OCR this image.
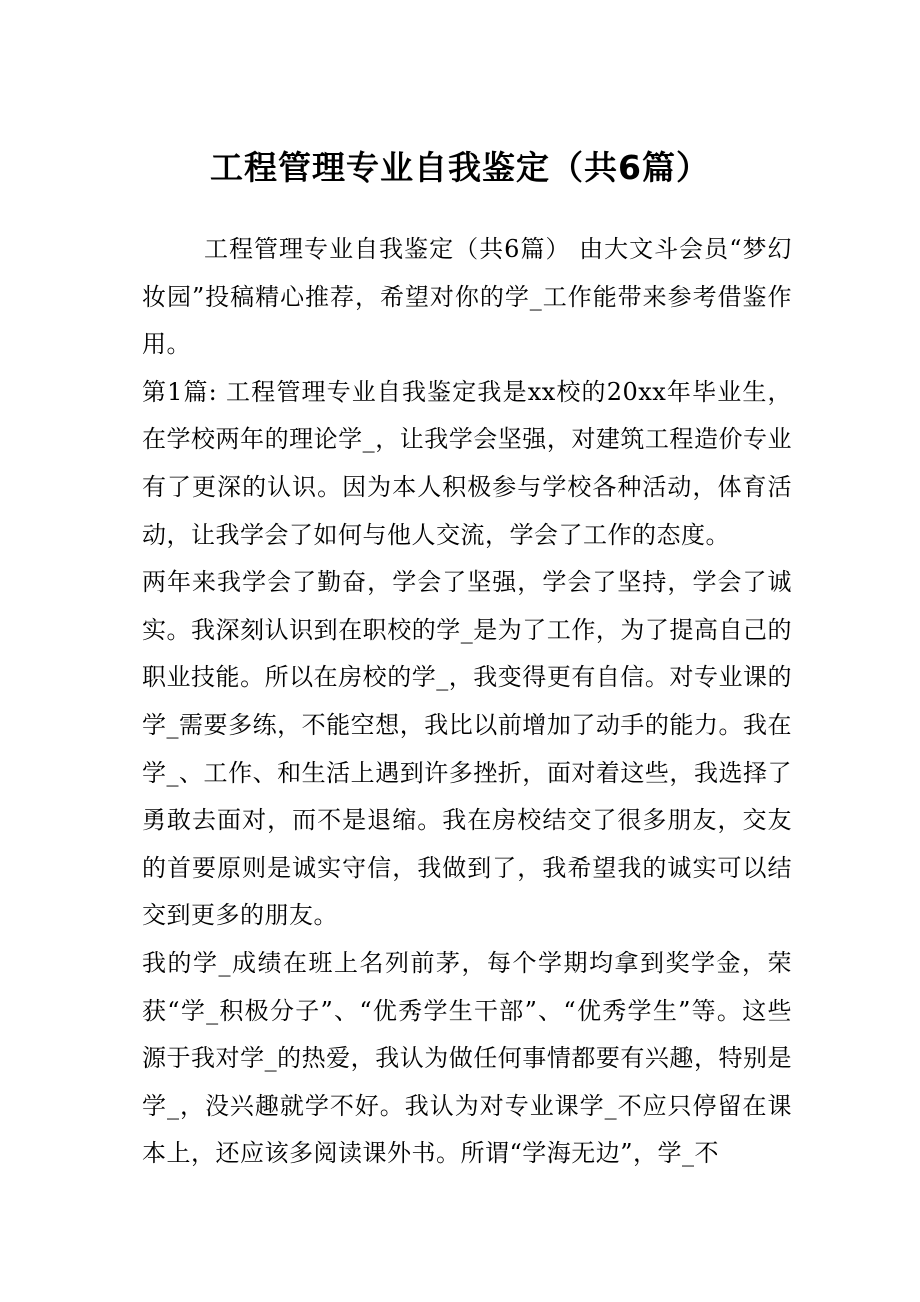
工程管理专业自我鉴定（共6篇）

工程管理专业自我鉴定（共6篇） 由大文斗会员“梦幻妆园”投稿精心推荐，希望对你的学_工作能带来参考借鉴作用。

第1篇: 工程管理专业自我鉴定我是xx校的20xx年毕业生，在学校两年的理论学_，让我学会坚强，对建筑工程造价专业有了更深的认识。因为本人积极参与学校各种活动，体育活动，让我学会了如何与他人交流，学会了工作的态度。

两年来我学会了勤奋，学会了坚强，学会了坚持，学会了诚实。我深刻认识到在职校的学_是为了工作，为了提高自己的职业技能。所以在房校的学_，我变得更有自信。对专业课的学_需要多练，不能空想，我比以前增加了动手的能力。我在学_、工作、和生活上遇到许多挫折，面对着这些，我选择了勇敢去面对，而不是退缩。我在房校结交了很多朋友，交友的首要原则是诚实守信，我做到了，我希望我的诚实可以结交到更多的朋友。

我的学_成绩在班上名列前茅，每个学期均拿到奖学金，荣获“学_积极分子”、“优秀学生干部”、“优秀学生”等。这些源于我对学_的热爱，我认为做任何事情都要有兴趣，特别是学_，没兴趣就学不好。我认为对专业课学_不应只停留在课本上，还应该多阅读课外书。所谓“学海无边”，学_不
